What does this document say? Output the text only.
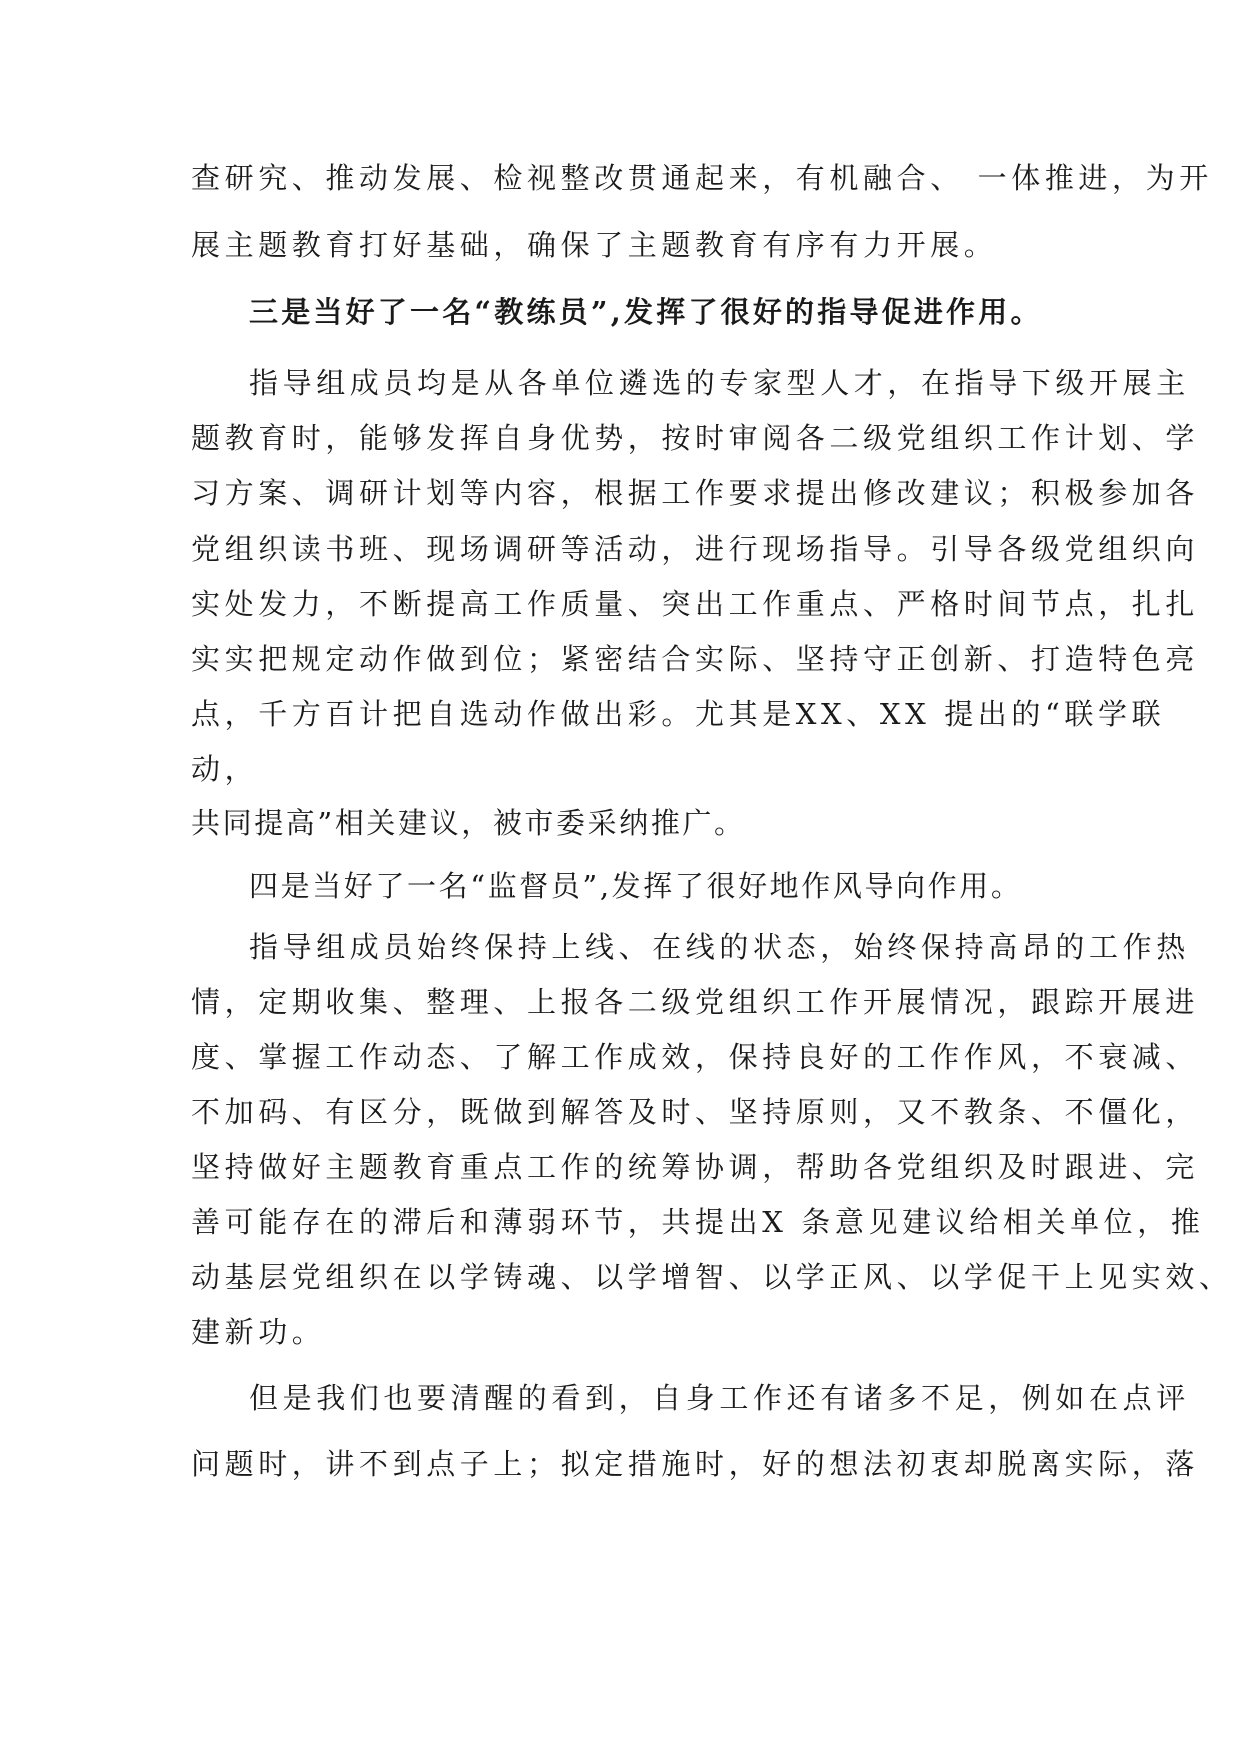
查研究、推动发展、检视整改贯通起来，有机融合、 一体推进，为开
展主题教育打好基础，确保了主题教育有序有力开展。
三是当好了一名“教练员”,发挥了很好的指导促进作用。
指导组成员均是从各单位遴选的专家型人才，在指导下级开展主
题教育时，能够发挥自身优势，按时审阅各二级党组织工作计划、学
习方案、调研计划等内容，根据工作要求提出修改建议；积极参加各
党组织读书班、现场调研等活动，进行现场指导。引导各级党组织向
实处发力，不断提高工作质量、突出工作重点、严格时间节点，扎扎
实实把规定动作做到位；紧密结合实际、坚持守正创新、打造特色亮
点，千方百计把自选动作做出彩。尤其是XX、XX 提出的“联学联
动，
共同提高”相关建议，被市委采纳推广。
四是当好了一名“监督员”,发挥了很好地作风导向作用。
指导组成员始终保持上线、在线的状态，始终保持高昂的工作热
情，定期收集、整理、上报各二级党组织工作开展情况，跟踪开展进
度、掌握工作动态、了解工作成效，保持良好的工作作风，不衰减、
不加码、有区分，既做到解答及时、坚持原则，又不教条、不僵化，
坚持做好主题教育重点工作的统筹协调，帮助各党组织及时跟进、完
善可能存在的滞后和薄弱环节，共提出X 条意见建议给相关单位，推
动基层党组织在以学铸魂、以学增智、以学正风、以学促干上见实效、
建新功。
但是我们也要清醒的看到，自身工作还有诸多不足，例如在点评
问题时，讲不到点子上；拟定措施时，好的想法初衷却脱离实际，落
